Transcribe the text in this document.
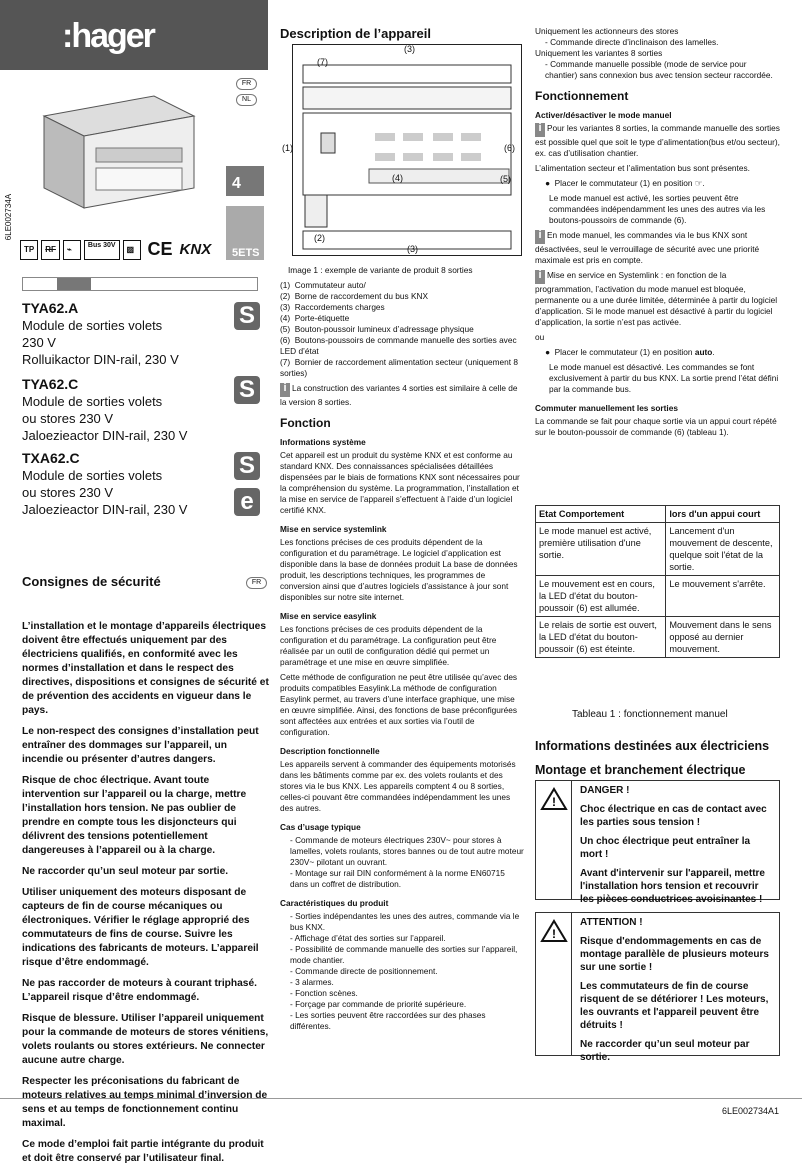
:hager
FR
NL
4
5ETS
6LE002734A
TP	RF	⌁	Bus 30V	▨ CE KNX
TYA62.A
Module de sorties volets
230 V
Rolluikactor DIN-rail, 230 V
S
TYA62.C
Module de sorties volets
ou stores 230 V
Jaloezieactor DIN-rail, 230 V
S
TXA62.C
Module de sorties volets
ou stores 230 V
Jaloezieactor DIN-rail, 230 V
S
e
Consignes de sécurité	FR

L’installation et le montage d’appareils électriques doivent être effectués uniquement par des électriciens qualifiés, en conformité avec les normes d’installation et dans le respect des directives, dispositions et consignes de sécurité et de prévention des accidents en vigueur dans le pays.

Le non-respect des consignes d’installation peut entraîner des dommages sur l’appareil, un incendie ou présenter d’autres dangers.

Risque de choc électrique. Avant toute intervention sur l’appareil ou la charge, mettre l’installation hors tension. Ne pas oublier de prendre en compte tous les disjoncteurs qui délivrent des tensions potentiellement dangereuses à l’appareil ou à la charge.

Ne raccorder qu’un seul moteur par sortie.

Utiliser uniquement des moteurs disposant de capteurs de fin de course mécaniques ou électroniques. Vérifier le réglage approprié des commutateurs de fins de course. Suivre les indications des fabricants de moteurs. L’appareil risque d’être endommagé.

Ne pas raccorder de moteurs à courant triphasé. L’appareil risque d’être endommagé.

Risque de blessure. Utiliser l’appareil uniquement pour la commande de moteurs de stores vénitiens, volets roulants ou stores extérieurs. Ne connecter aucune autre charge.

Respecter les préconisations du fabricant de moteurs relatives au temps minimal d’inversion de sens et au temps de fonctionnement continu maximal.

Ce mode d’emploi fait partie intégrante du produit et doit être conservé par l’utilisateur final.

Description de l’appareil
(7)
(3)
(1)	(6)
(4)	(5)
(2)
(3)

Image 1 : exemple de variante de produit 8 sorties

(1) Commutateur auto/
(2) Borne de raccordement du bus KNX
(3) Raccordements charges
(4) Porte-étiquette
(5) Bouton-poussoir lumineux d’adressage physique
(6) Boutons-poussoirs de commande manuelle des sorties avec LED d’état
(7) Bornier de raccordement alimentation secteur (uniquement 8 sorties)

i La construction des variantes 4 sorties est similaire à celle de la version 8 sorties.

Fonction
Informations système

Cet appareil est un produit du système KNX et est conforme au standard KNX. Des connaissances spécialisées détaillées dispensées par le biais de formations KNX sont nécessaires pour la compréhension du système. La programmation, l’installation et la mise en service de l’appareil s’effectuent à l’aide d’un logiciel certifié KNX.

Mise en service systemlink

Les fonctions précises de ces produits dépendent de la configuration et du paramétrage. Le logiciel d’application est disponible dans la base de données produit La base de données produit, les descriptions techniques, les programmes de conversion ainsi que d’autres logiciels d’assistance à jour sont disponibles sur notre site internet.

Mise en service easylink

Les fonctions précises de ces produits dépendent de la configuration et du paramétrage. La configuration peut être réalisée par un outil de configuration dédié qui permet un paramétrage et une mise en œuvre simplifiée.

Cette méthode de configuration ne peut être utilisée qu’avec des produits compatibles Easylink.La méthode de configuration Easylink permet, au travers d’une interface graphique, une mise en œuvre simplifiée. Ainsi, des fonctions de base préconfigurées sont affectées aux entrées et aux sorties via l’outil de configuration.

Description fonctionnelle

Les appareils servent à commander des équipements motorisés dans les bâtiments comme par ex. des volets roulants et des stores via le bus KNX. Les appareils comptent 4 ou 8 sorties, celles-ci pouvant être commandées indépendamment les unes des autres.

Cas d’usage typique
- Commande de moteurs électriques 230V~ pour stores à lamelles, volets roulants, stores bannes ou de tout autre moteur 230V~ pilotant un ouvrant.
- Montage sur rail DIN conformément à la norme EN60715 dans un coffret de distribution.
Caractéristiques du produit
- Sorties indépendantes les unes des autres, commande via le bus KNX.
- Affichage d’état des sorties sur l’appareil.
- Possibilité de commande manuelle des sorties sur l’appareil, mode chantier.
- Commande directe de positionnement.
- 3 alarmes.
- Fonction scènes.
- Forçage par commande de priorité supérieure.
- Les sorties peuvent être raccordées sur des phases différentes.
Uniquement les actionneurs des stores
- Commande directe d’inclinaison des lamelles.
Uniquement les variantes 8 sorties
- Commande manuelle possible (mode de service pour chantier) sans connexion bus avec tension secteur raccordée.
Fonctionnement
Activer/désactiver le mode manuel

i Pour les variantes 8 sorties, la commande manuelle des sorties est possible quel que soit le type d’alimentation(bus et/ou secteur), ex. cas d’utilisation chantier.

L’alimentation secteur et l’alimentation bus sont présentes.

●  Placer le commutateur (1) en position ☞.

Le mode manuel est activé, les sorties peuvent être commandées indépendamment les unes des autres via les boutons-poussoirs de commande (6).

i En mode manuel, les commandes via le bus KNX sont désactivées, seul le verrouillage de sécurité avec une priorité maximale est pris en compte.

i Mise en service en Systemlink : en fonction de la programmation, l’activation du mode manuel est bloquée, permanente ou a une durée limitée, déterminée à partir du logiciel d’application. Si le mode manuel est désactivé à partir du logiciel d’application, la sortie n’est pas activée.

ou

●  Placer le commutateur (1) en position auto.

Le mode manuel est désactivé. Les commandes se font exclusivement à partir du bus KNX. La sortie prend l’état défini par la commande bus.

Commuter manuellement les sorties

La commande se fait pour chaque sortie via un appui court répété sur le bouton-poussoir de commande (6) (tableau 1).

Etat Comportement	lors d'un appui court
Le mode manuel est activé, première utilisation d'une sortie.	Lancement d'un mouvement de descente, quelque soit l'état de la sortie.
Le mouvement est en cours, la LED d'état du bouton-poussoir (6) est allumée.	Le mouvement s'arrête.
Le relais de sortie est ouvert, la LED d'état du bouton-poussoir (6) est éteinte.	Mouvement dans le sens opposé au dernier mouvement.
Tableau 1 : fonctionnement manuel
Informations destinées aux électriciens
Montage et branchement électrique
!

DANGER !

Choc électrique en cas de contact avec les parties sous tension !

Un choc électrique peut entraîner la mort !

Avant d'intervenir sur l'appareil, mettre l'installation hors tension et recouvrir les pièces conductrices avoisinantes !

!

ATTENTION !

Risque d'endommagements en cas de montage parallèle de plusieurs moteurs sur une sortie !

Les commutateurs de fin de course risquent de se détériorer ! Les moteurs, les ouvrants et l'appareil peuvent être détruits !

Ne raccorder qu’un seul moteur par sortie.

6LE002734A1
